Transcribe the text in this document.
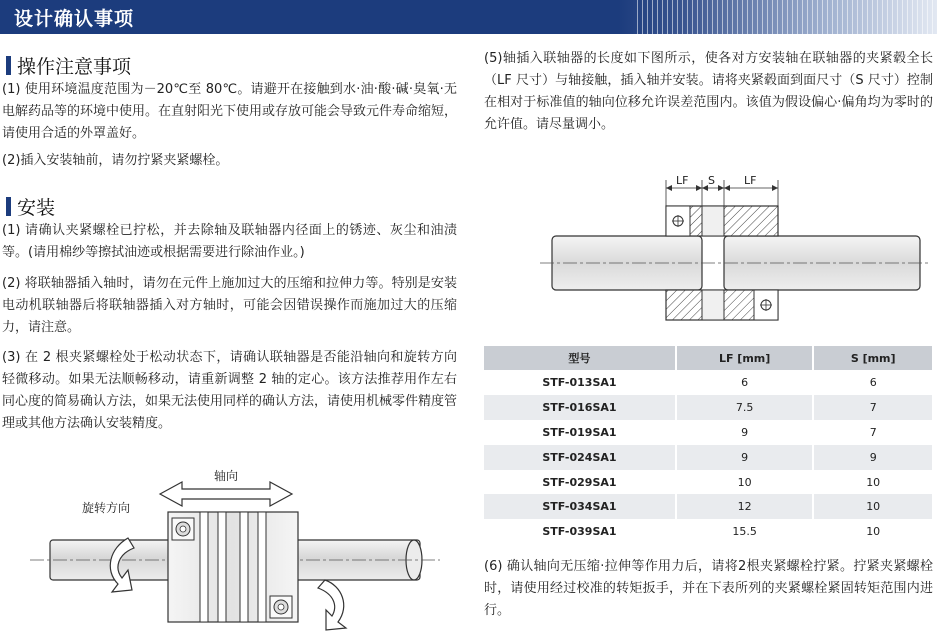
设计确认事项
操作注意事项
(1) 使用环境温度范围为－20℃至 80℃。请避开在接触到水·油·酸·碱·臭氧·无电解药品等的环境中使用。在直射阳光下使用或存放可能会导致元件寿命缩短，请使用合适的外罩盖好。
(2)插入安装轴前，请勿拧紧夹紧螺栓。
安装
(1) 请确认夹紧螺栓已拧松，并去除轴及联轴器内径面上的锈迹、灰尘和油渍等。(请用棉纱等擦拭油迹或根据需要进行除油作业。)
(2) 将联轴器插入轴时，请勿在元件上施加过大的压缩和拉伸力等。特别是安装电动机联轴器后将联轴器插入对方轴时，可能会因错误操作而施加过大的压缩力，请注意。
(3) 在 2 根夹紧螺栓处于松动状态下，请确认联轴器是否能沿轴向和旋转方向轻微移动。如果无法顺畅移动，请重新调整 2 轴的定心。该方法推荐用作左右同心度的简易确认方法，如果无法使用同样的确认方法，请使用机械零件精度管理或其他方法确认安装精度。
轴向
旋转方向
(5)轴插入联轴器的长度如下图所示，使各对方安装轴在联轴器的夹紧毂全长（LF 尺寸）与轴接触，插入轴并安装。请将夹紧毂面到面尺寸（S 尺寸）控制在相对于标准值的轴向位移允许误差范围内。该值为假设偏心·偏角均为零时的允许值。请尽量调小。
LF S	LF
型号	LF [mm]	S [mm]
STF-013SA1	6	6
STF-016SA1	7.5	7
STF-019SA1	9	7
STF-024SA1	9	9
STF-029SA1	10	10
STF-034SA1	12	10
STF-039SA1	15.5	10
(6) 确认轴向无压缩·拉伸等作用力后，请将2根夹紧螺栓拧紧。拧紧夹紧螺栓时，请使用经过校准的转矩扳手，并在下表所列的夹紧螺栓紧固转矩范围内进行。
